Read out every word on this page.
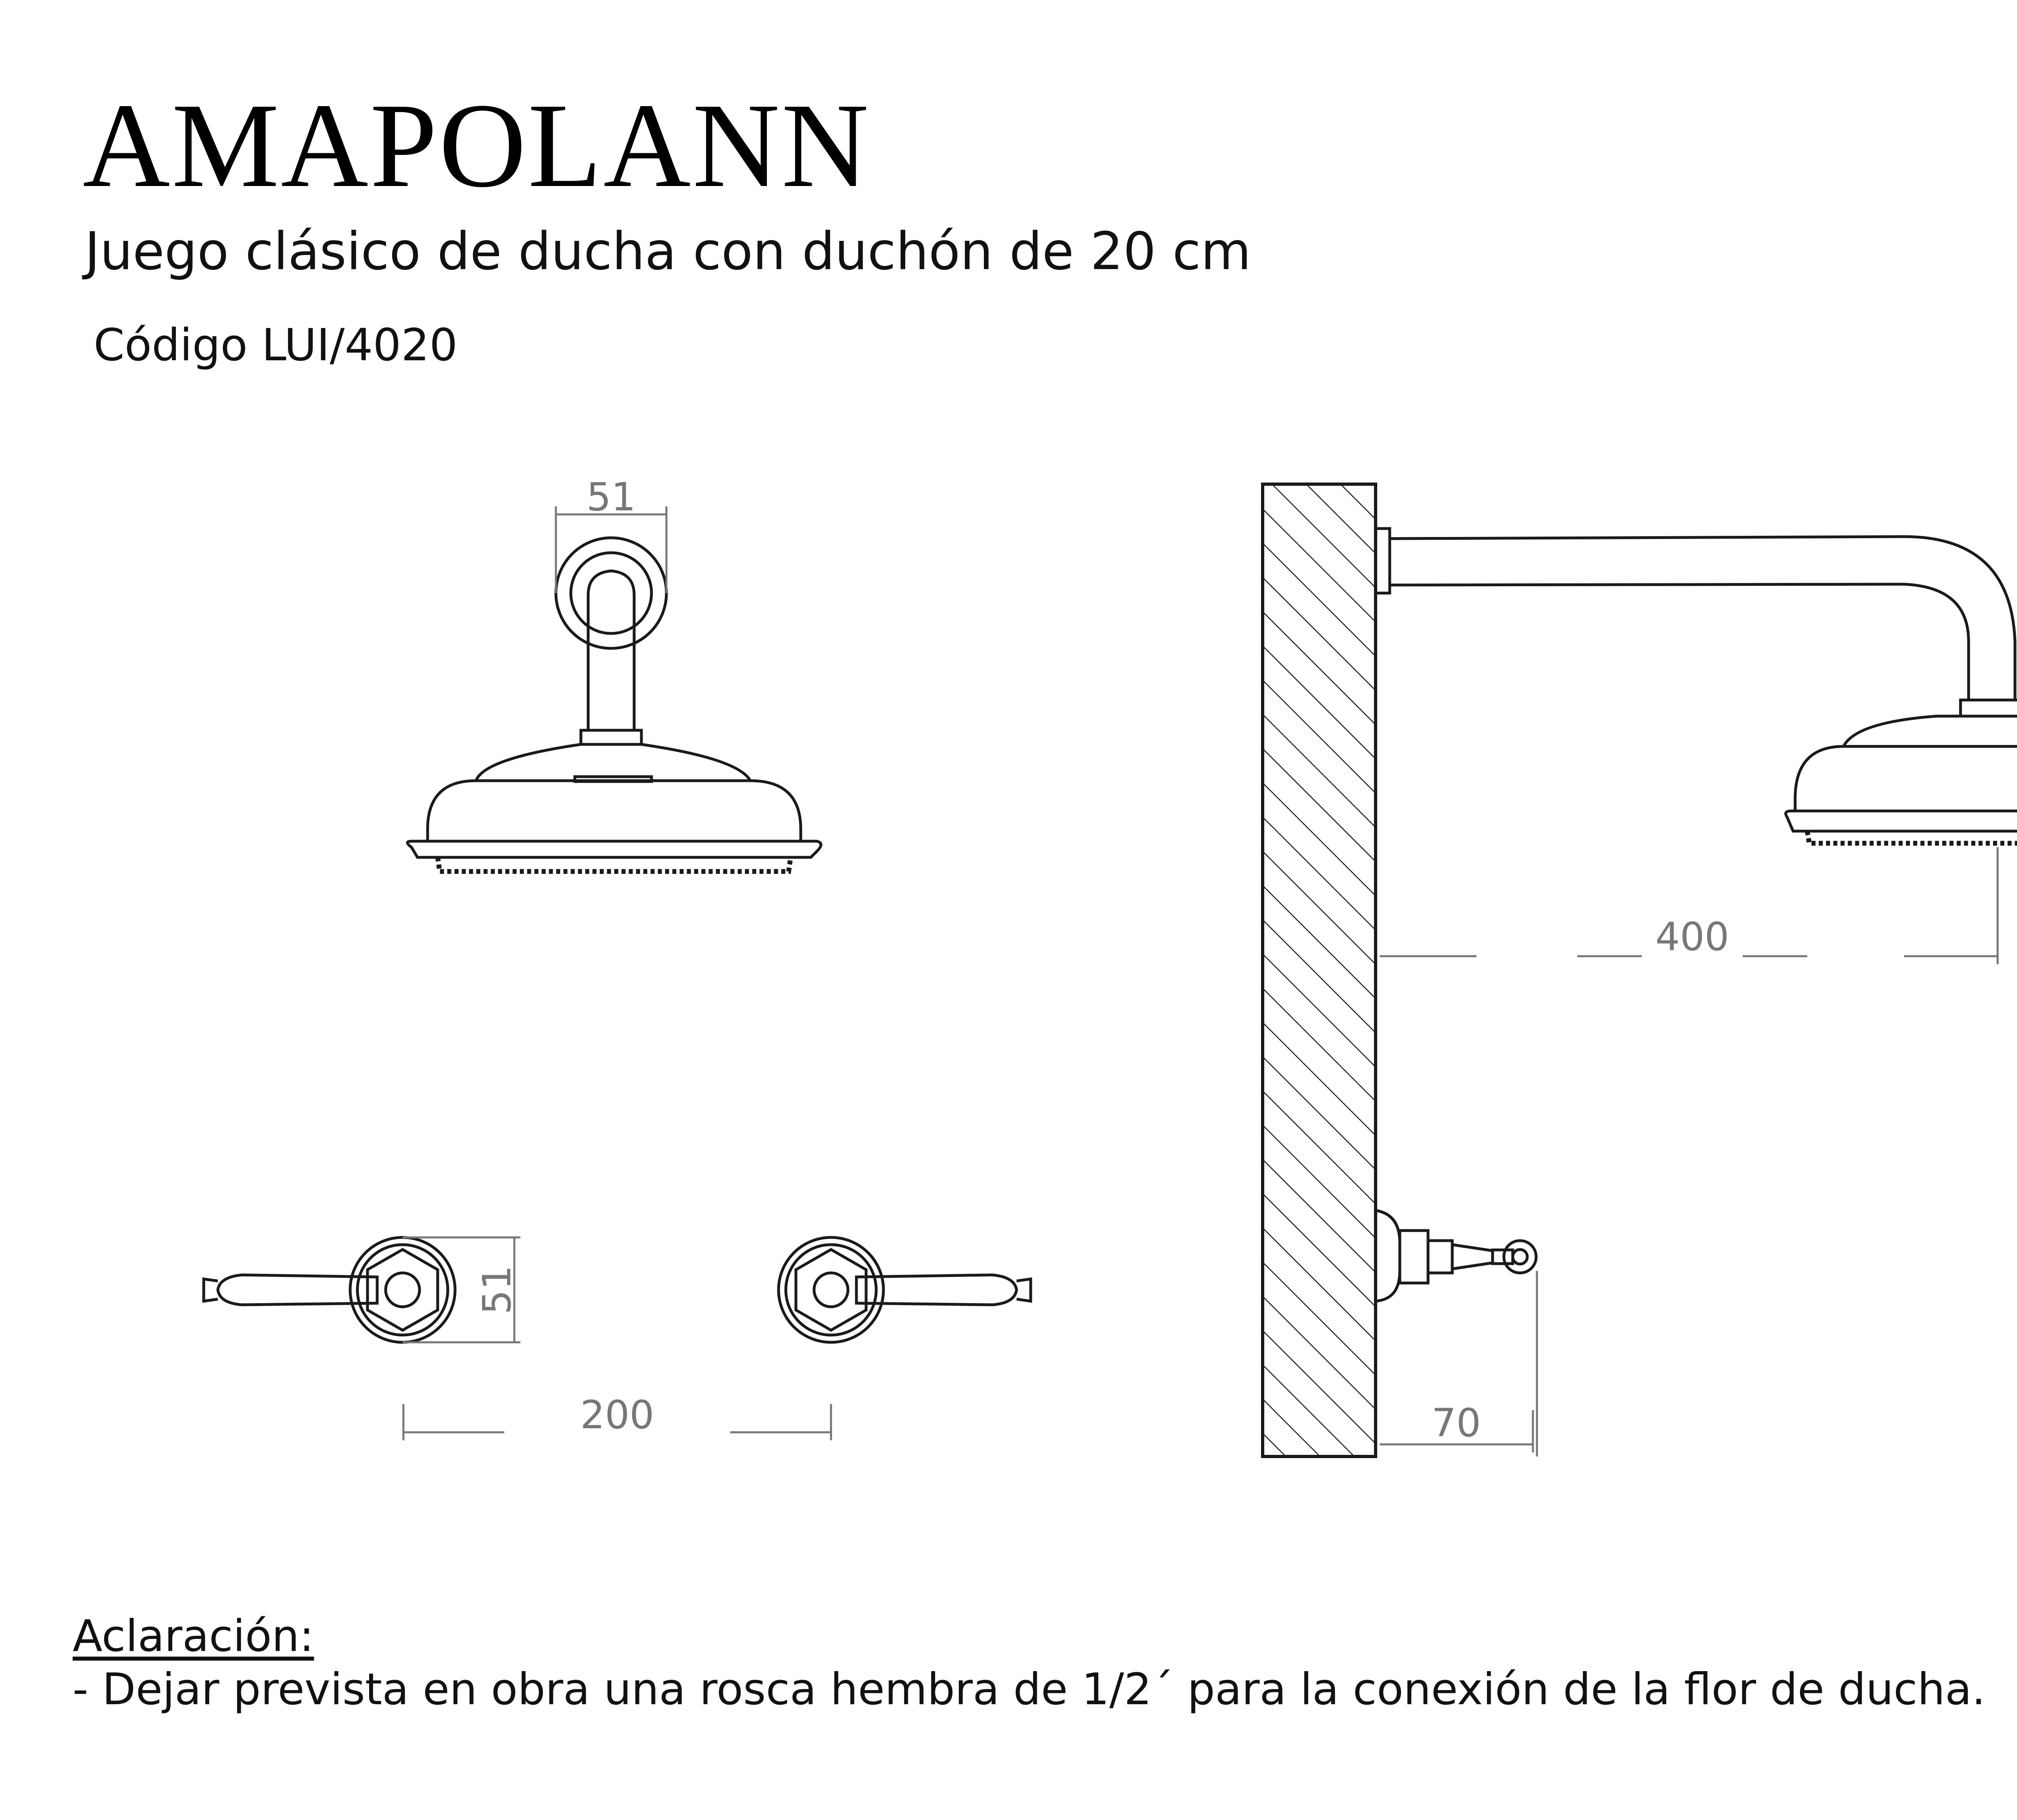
AMAPOLANN
Juego clásico de ducha con duchón de 20 cm
Código LUI/4020
51
400
70
51
200
Aclaración:
- Dejar prevista en obra una rosca hembra de 1/2´ para la conexión de la flor de ducha.
